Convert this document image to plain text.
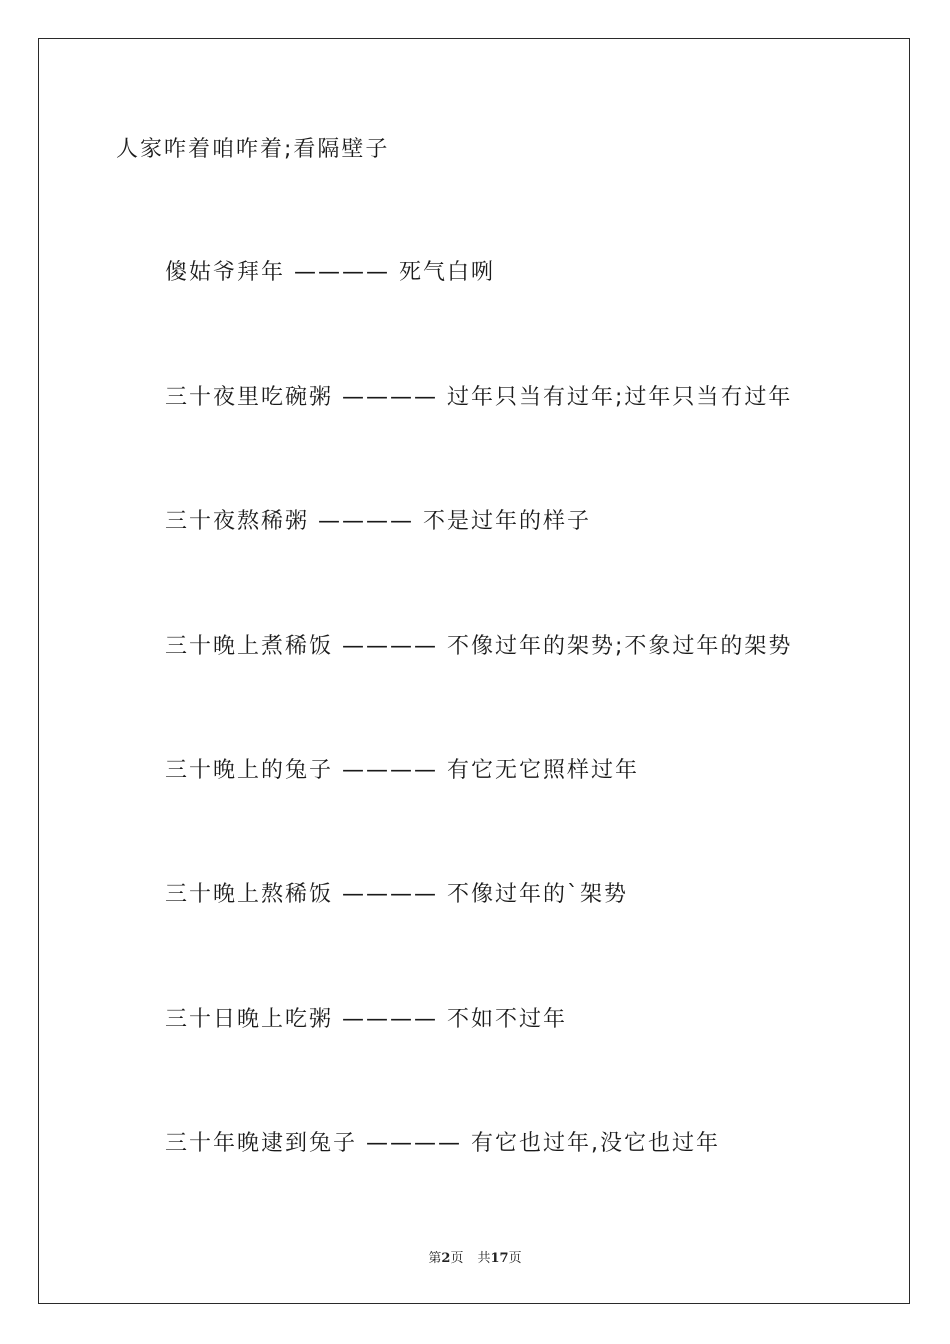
人家咋着咱咋着;看隔壁子
傻姑爷拜年 ———— 死气白咧
三十夜里吃碗粥 ———— 过年只当有过年;过年只当冇过年
三十夜熬稀粥 ———— 不是过年的样子
三十晚上煮稀饭 ———— 不像过年的架势;不象过年的架势
三十晚上的兔子 ———— 有它无它照样过年
三十晚上熬稀饭 ———— 不像过年的`架势
三十日晚上吃粥 ———— 不如不过年
三十年晚逮到兔子 ———— 有它也过年,没它也过年
第2页 共17页
